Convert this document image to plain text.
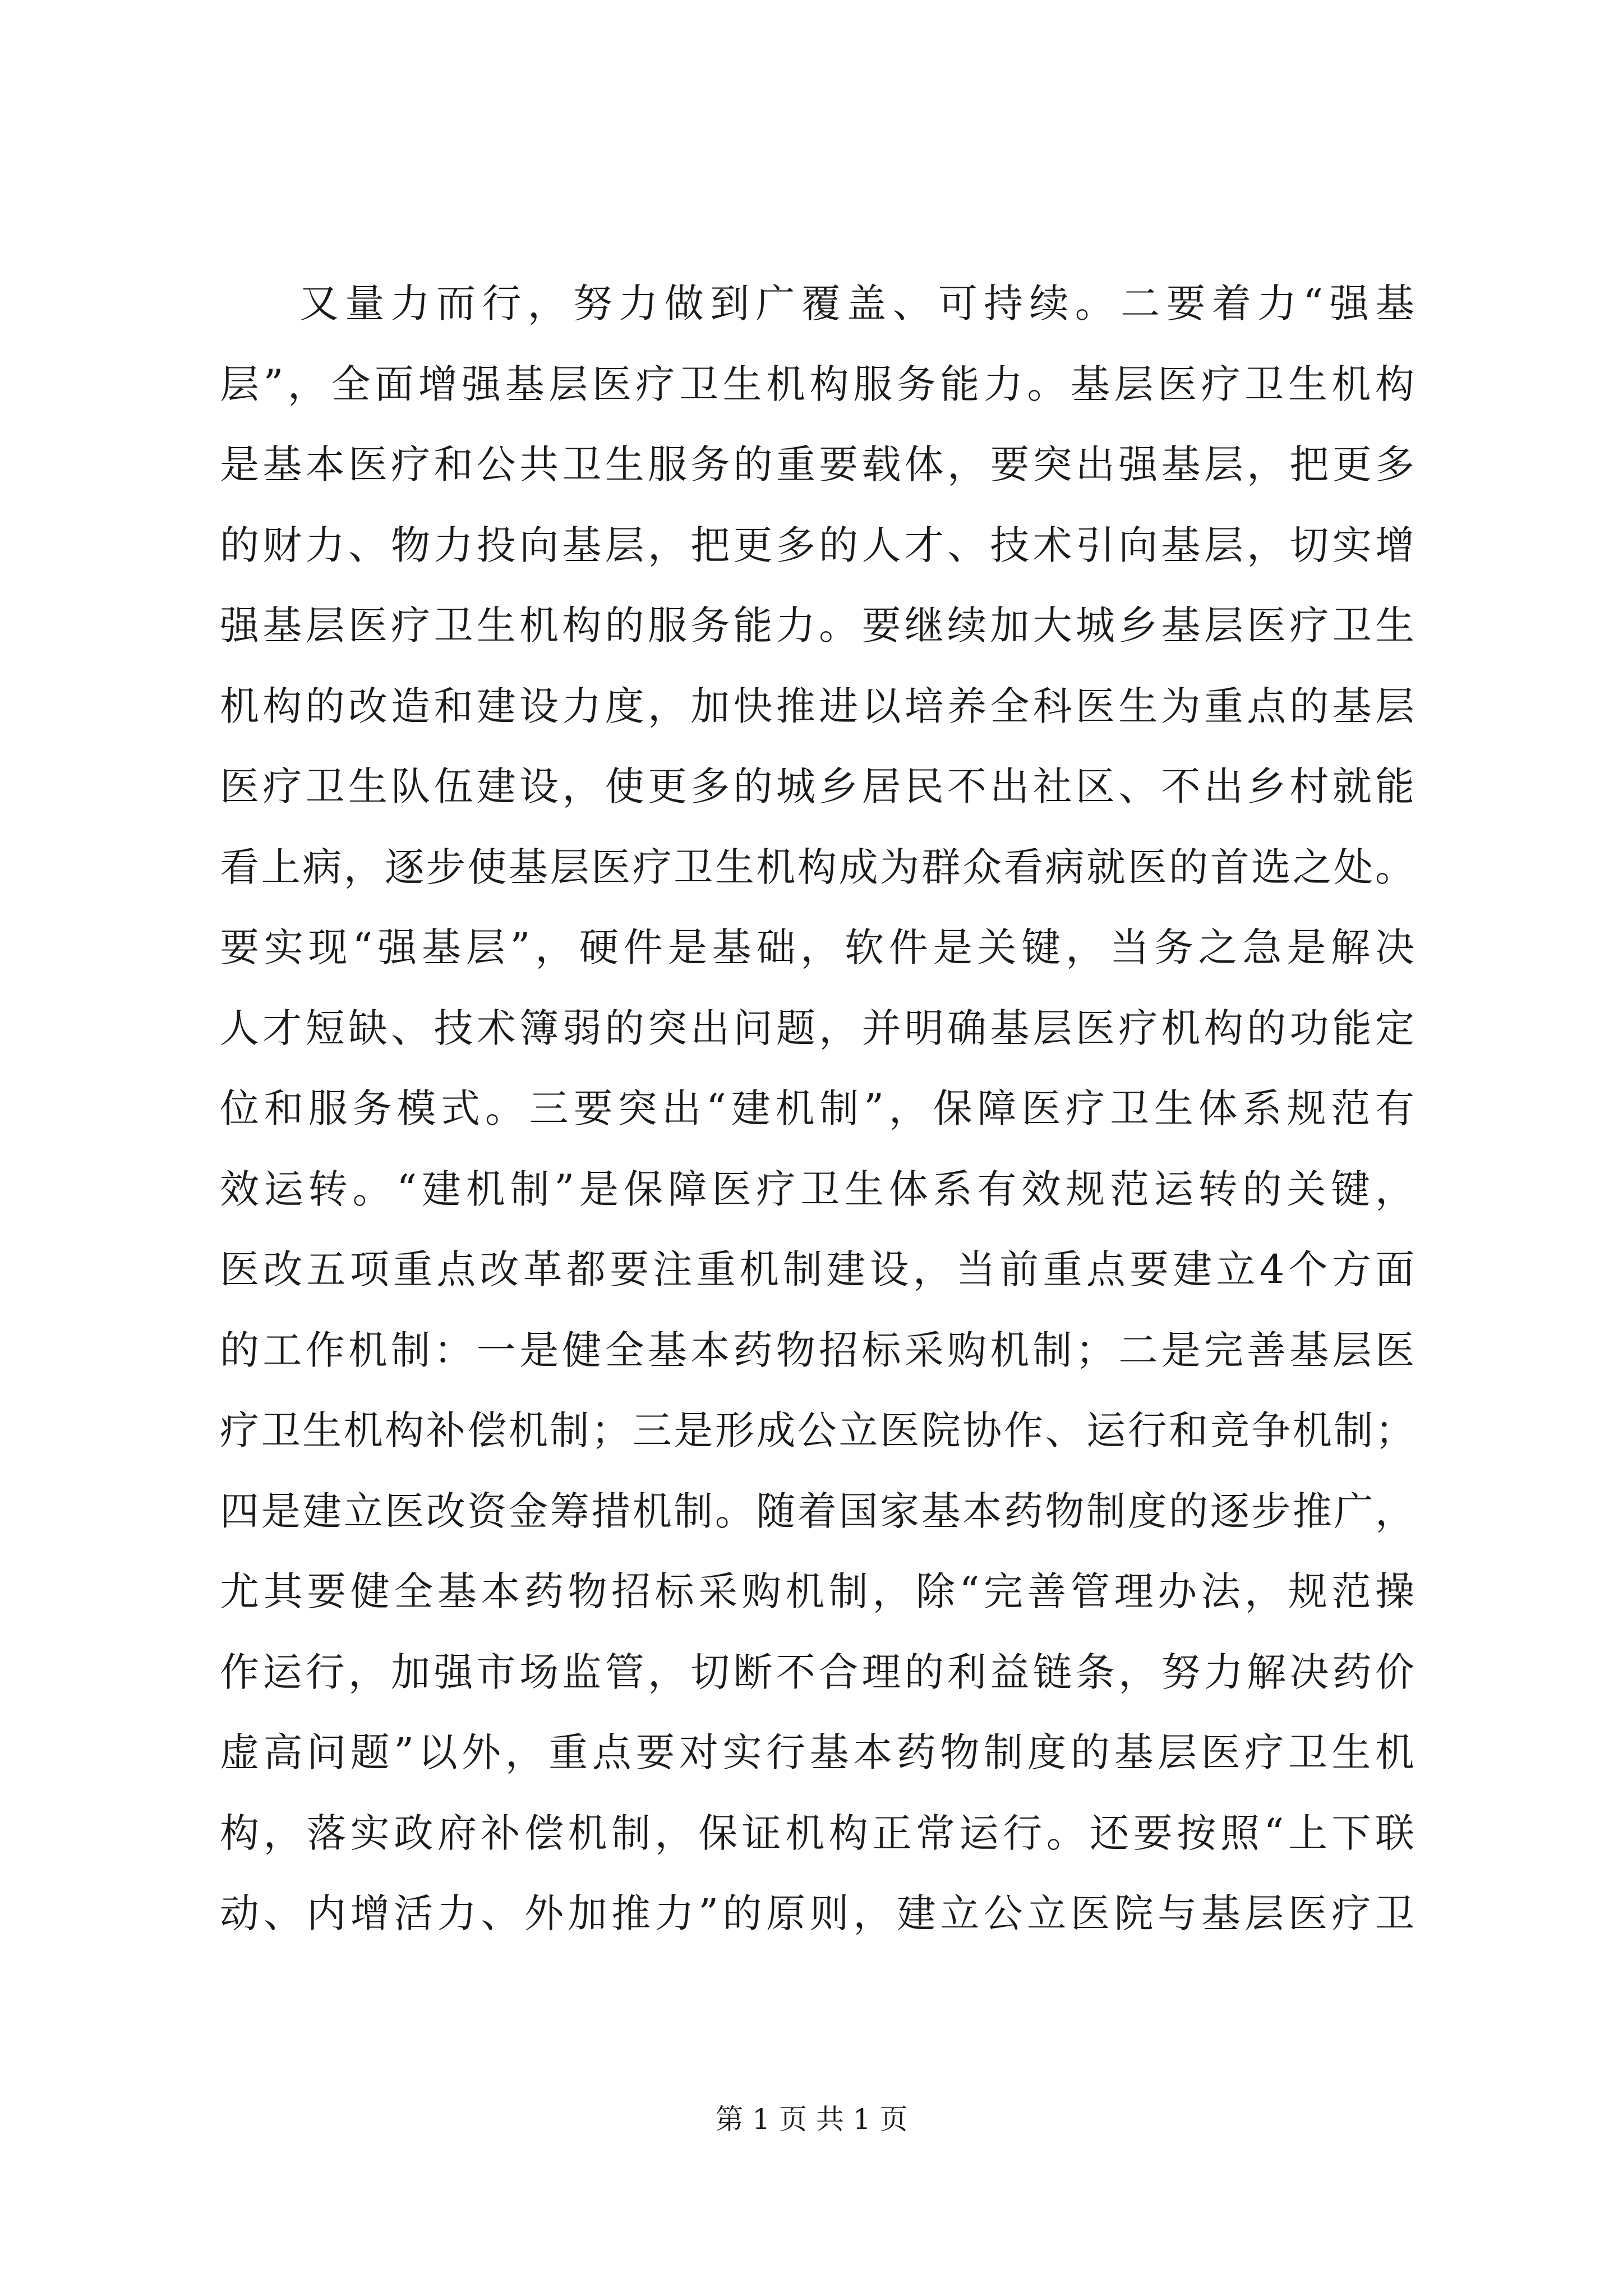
又量力而行，努力做到广覆盖、可持续。二要着力“强基
层”，全面增强基层医疗卫生机构服务能力。基层医疗卫生机构
是基本医疗和公共卫生服务的重要载体，要突出强基层，把更多
的财力、物力投向基层，把更多的人才、技术引向基层，切实增
强基层医疗卫生机构的服务能力。要继续加大城乡基层医疗卫生
机构的改造和建设力度，加快推进以培养全科医生为重点的基层
医疗卫生队伍建设，使更多的城乡居民不出社区、不出乡村就能
看上病，逐步使基层医疗卫生机构成为群众看病就医的首选之处。
要实现“强基层”，硬件是基础，软件是关键，当务之急是解决
人才短缺、技术簿弱的突出问题，并明确基层医疗机构的功能定
位和服务模式。三要突出“建机制”，保障医疗卫生体系规范有
效运转。“建机制”是保障医疗卫生体系有效规范运转的关键，
医改五项重点改革都要注重机制建设，当前重点要建立4个方面
的工作机制：一是健全基本药物招标采购机制；二是完善基层医
疗卫生机构补偿机制；三是形成公立医院协作、运行和竞争机制；
四是建立医改资金筹措机制。随着国家基本药物制度的逐步推广，
尤其要健全基本药物招标采购机制，除“完善管理办法，规范操
作运行，加强市场监管，切断不合理的利益链条，努力解决药价
虚高问题”以外，重点要对实行基本药物制度的基层医疗卫生机
构，落实政府补偿机制，保证机构正常运行。还要按照“上下联
动、内增活力、外加推力”的原则，建立公立医院与基层医疗卫
第 1 页 共 1 页
